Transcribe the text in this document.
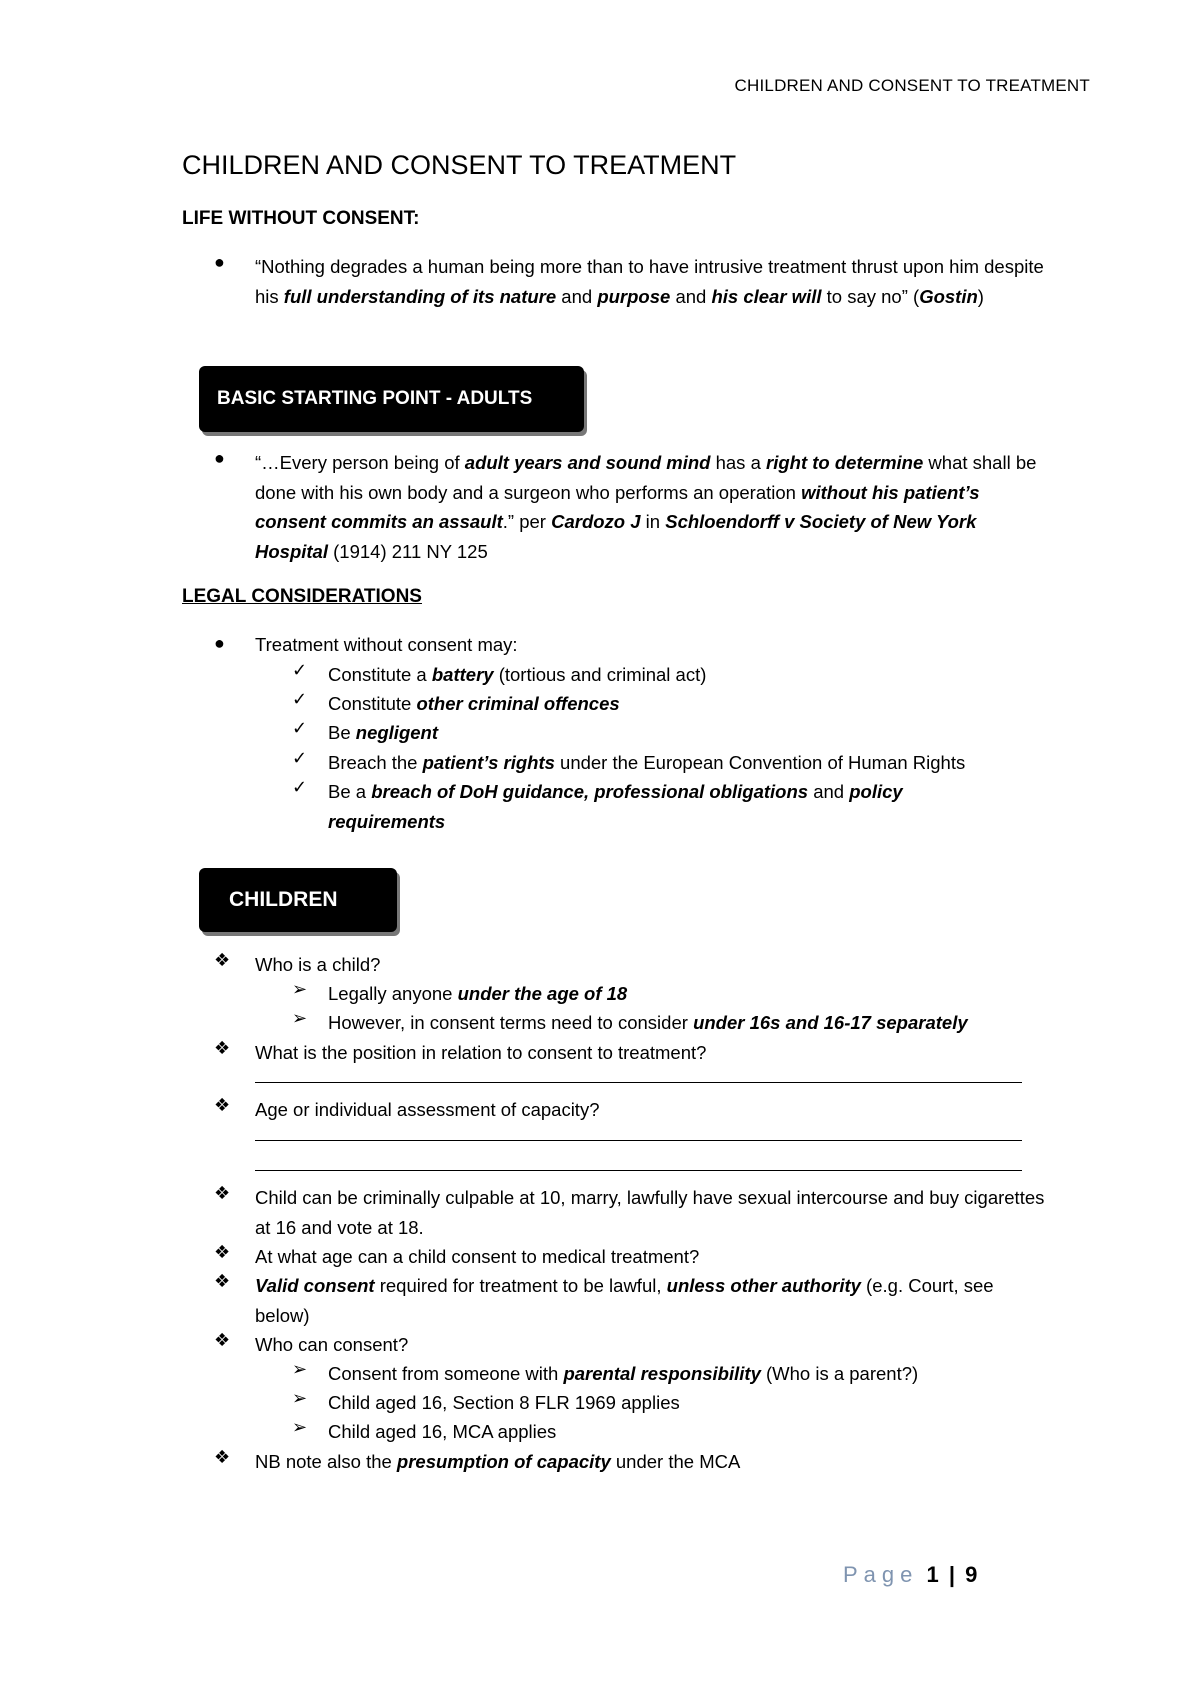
CHILDREN AND CONSENT TO TREATMENT
CHILDREN AND CONSENT TO TREATMENT
LIFE WITHOUT CONSENT:
● “Nothing degrades a human being more than to have intrusive treatment thrust upon him despite his full understanding of its nature and purpose and his clear will to say no” (Gostin)
BASIC STARTING POINT - ADULTS
● “…Every person being of adult years and sound mind has a right to determine what shall be done with his own body and a surgeon who performs an operation without his patient’s consent commits an assault.” per Cardozo J in Schloendorff v Society of New York Hospital (1914) 211 NY 125
LEGAL CONSIDERATIONS
● Treatment without consent may:
✓ Constitute a battery (tortious and criminal act)
✓ Constitute other criminal offences
✓ Be negligent
✓ Breach the patient’s rights under the European Convention of Human Rights
✓ Be a breach of DoH guidance, professional obligations and policy requirements
CHILDREN
❖ Who is a child?
➢ Legally anyone under the age of 18
➢ However, in consent terms need to consider under 16s and 16-17 separately
❖ What is the position in relation to consent to treatment?
❖ Age or individual assessment of capacity?
❖ Child can be criminally culpable at 10, marry, lawfully have sexual intercourse and buy cigarettes at 16 and vote at 18.
❖ At what age can a child consent to medical treatment?
❖ Valid consent required for treatment to be lawful, unless other authority (e.g. Court, see below)
❖ Who can consent?
➢ Consent from someone with parental responsibility (Who is a parent?)
➢ Child aged 16, Section 8 FLR 1969 applies
➢ Child aged 16, MCA applies
❖ NB note also the presumption of capacity under the MCA
Page 1 | 9
